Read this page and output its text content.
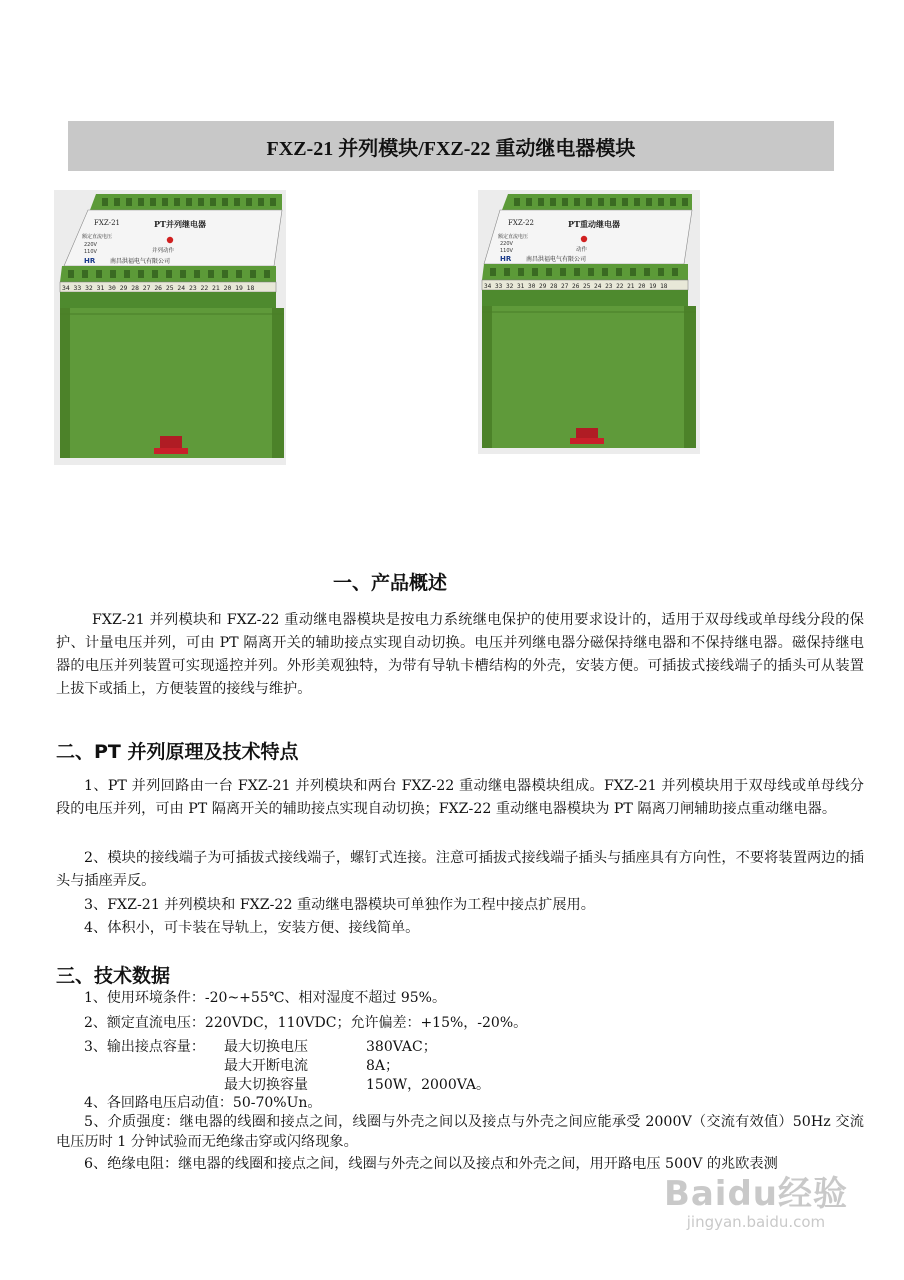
FXZ-21 并列模块/FXZ-22 重动继电器模块
FXZ-21	PT并列继电器
额定直流电压
220V
110V	并列动作
HR 南昌洪福电气有限公司
34 33 32 31 30 29 28 27 26 25 24 23 22 21 20 19 18
FXZ-22	PT重动继电器
额定直流电压
220V
110V	动作
HR 南昌洪福电气有限公司
34 33 32 31 30 29 28 27 26 25 24 23 22 21 20 19 18
一、产品概述
FXZ-21 并列模块和 FXZ-22 重动继电器模块是按电力系统继电保护的使用要求设计的，适用于双母线或单母线分段的保护、计量电压并列，可由 PT 隔离开关的辅助接点实现自动切换。电压并列继电器分磁保持继电器和不保持继电器。磁保持继电器的电压并列装置可实现遥控并列。外形美观独特，为带有导轨卡槽结构的外壳，安装方便。可插拔式接线端子的插头可从装置上拔下或插上，方便装置的接线与维护。
二、PT 并列原理及技术特点
1、PT 并列回路由一台 FXZ-21 并列模块和两台 FXZ-22 重动继电器模块组成。FXZ-21 并列模块用于双母线或单母线分段的电压并列，可由 PT 隔离开关的辅助接点实现自动切换；FXZ-22 重动继电器模块为 PT 隔离刀闸辅助接点重动继电器。
2、模块的接线端子为可插拔式接线端子，螺钉式连接。注意可插拔式接线端子插头与插座具有方向性，不要将装置两边的插头与插座弄反。
3、FXZ-21 并列模块和 FXZ-22 重动继电器模块可单独作为工程中接点扩展用。
4、体积小，可卡装在导轨上，安装方便、接线简单。
三、技术数据
1、使用环境条件：-20~+55℃、相对湿度不超过 95%。
2、额定直流电压：220VDC，110VDC；允许偏差：+15%，-20%。
3、输出接点容量： 最大切换电压	380VAC；
最大开断电流	8A；
最大切换容量	150W，2000VA。
4、各回路电压启动值：50-70%Un。
5、介质强度：继电器的线圈和接点之间，线圈与外壳之间以及接点与外壳之间应能承受 2000V（交流有效值）50Hz 交流电压历时 1 分钟试验而无绝缘击穿或闪络现象。
6、绝缘电阻：继电器的线圈和接点之间，线圈与外壳之间以及接点和外壳之间，用开路电压 500V 的兆欧表测
Baidu经验
jingyan.baidu.com
